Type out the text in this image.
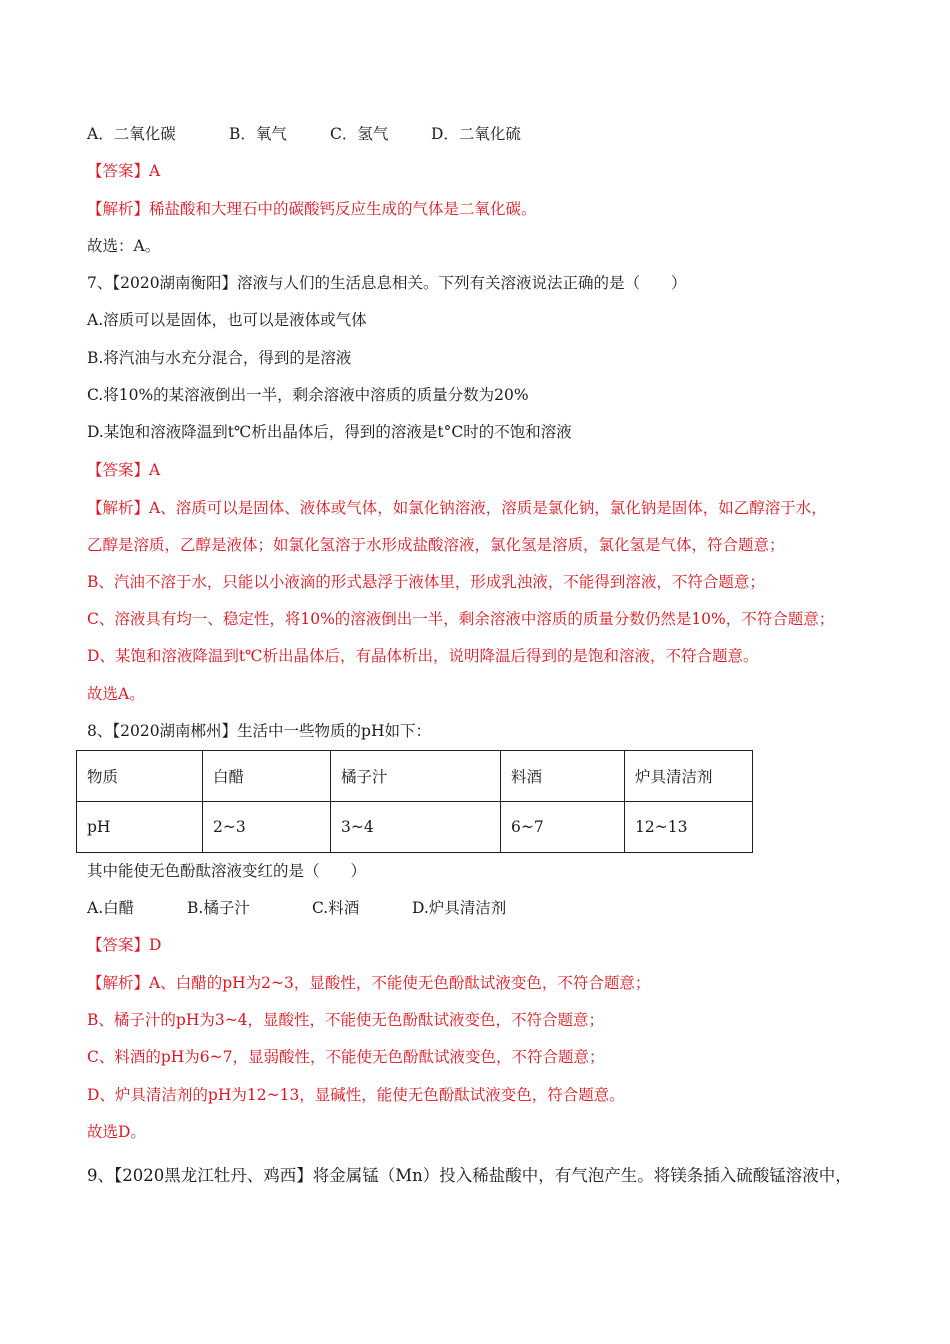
A．二氧化碳	B．氧气	C．氢气	D．二氧化硫
【答案】A
【解析】稀盐酸和大理石中的碳酸钙反应生成的气体是二氧化碳。
故选：A。
7、【2020湖南衡阳】溶液与人们的生活息息相关。下列有关溶液说法正确的是（　　）
A.溶质可以是固体，也可以是液体或气体
B.将汽油与水充分混合，得到的是溶液
C.将10%的某溶液倒出一半，剩余溶液中溶质的质量分数为20%
D.某饱和溶液降温到t℃析出晶体后，得到的溶液是t°C时的不饱和溶液
【答案】A
【解析】A、溶质可以是固体、液体或气体，如氯化钠溶液，溶质是氯化钠，氯化钠是固体，如乙醇溶于水，
乙醇是溶质，乙醇是液体；如氯化氢溶于水形成盐酸溶液，氯化氢是溶质，氯化氢是气体，符合题意；
B、汽油不溶于水，只能以小液滴的形式悬浮于液体里，形成乳浊液，不能得到溶液，不符合题意；
C、溶液具有均一、稳定性，将10%的溶液倒出一半，剩余溶液中溶质的质量分数仍然是10%，不符合题意；
D、某饱和溶液降温到t℃析出晶体后，有晶体析出，说明降温后得到的是饱和溶液，不符合题意。
故选A。
8、【2020湖南郴州】生活中一些物质的pH如下：
物质	白醋	橘子汁	料酒	炉具清洁剂
pH	2~3	3~4	6~7	12~13
其中能使无色酚酞溶液变红的是（　　）
A.白醋	B.橘子汁	C.料酒	D.炉具清洁剂
【答案】D
【解析】A、白醋的pH为2~3，显酸性，不能使无色酚酞试液变色，不符合题意；
B、橘子汁的pH为3~4，显酸性，不能使无色酚酞试液变色，不符合题意；
C、料酒的pH为6~7，显弱酸性，不能使无色酚酞试液变色，不符合题意；
D、炉具清洁剂的pH为12~13，显碱性，能使无色酚酞试液变色，符合题意。
故选D。
9、【2020黑龙江牡丹、鸡西】将金属锰（Mn）投入稀盐酸中，有气泡产生。将镁条插入硫酸锰溶液中，
